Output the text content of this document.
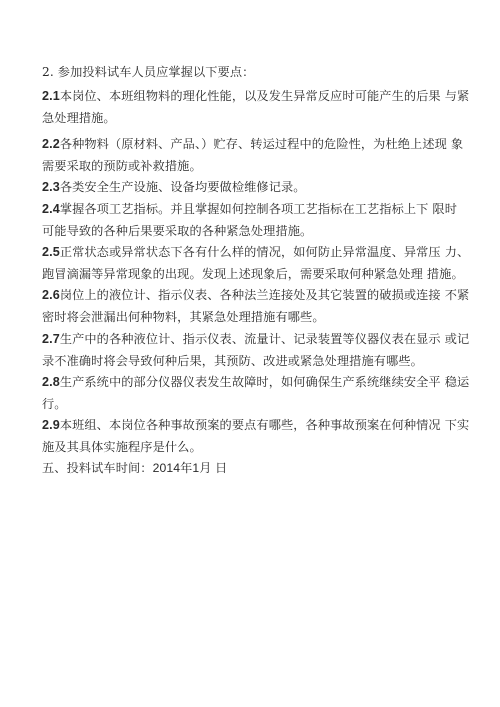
2. 参加投料试车人员应掌握以下要点：
2.1本岗位、本班组物料的理化性能，以及发生异常反应时可能产生的后果 与紧
急处理措施。
2.2各种物料（原材料、产品、）贮存、转运过程中的危险性，为杜绝上述现 象
需要采取的预防或补救措施。
2.3各类安全生产设施、设备均要做检维修记录。
2.4掌握各项工艺指标。并且掌握如何控制各项工艺指标在工艺指标上下 限时
可能导致的各种后果要采取的各种紧急处理措施。
2.5正常状态或异常状态下各有什么样的情况，如何防止异常温度、异常压 力、
跑冒滴漏等异常现象的出现。发现上述现象后，需要采取何种紧急处理 措施。
2.6岗位上的液位计、指示仪表、各种法兰连接处及其它装置的破损或连接 不紧
密时将会泄漏出何种物料，其紧急处理措施有哪些。
2.7生产中的各种液位计、指示仪表、流量计、记录装置等仪器仪表在显示 或记
录不准确时将会导致何种后果，其预防、改进或紧急处理措施有哪些。
2.8生产系统中的部分仪器仪表发生故障时，如何确保生产系统继续安全平 稳运
行。
2.9本班组、本岗位各种事故预案的要点有哪些，各种事故预案在何种情况 下实
施及其具体实施程序是什么。
五、投料试车时间：2014年1月 日
